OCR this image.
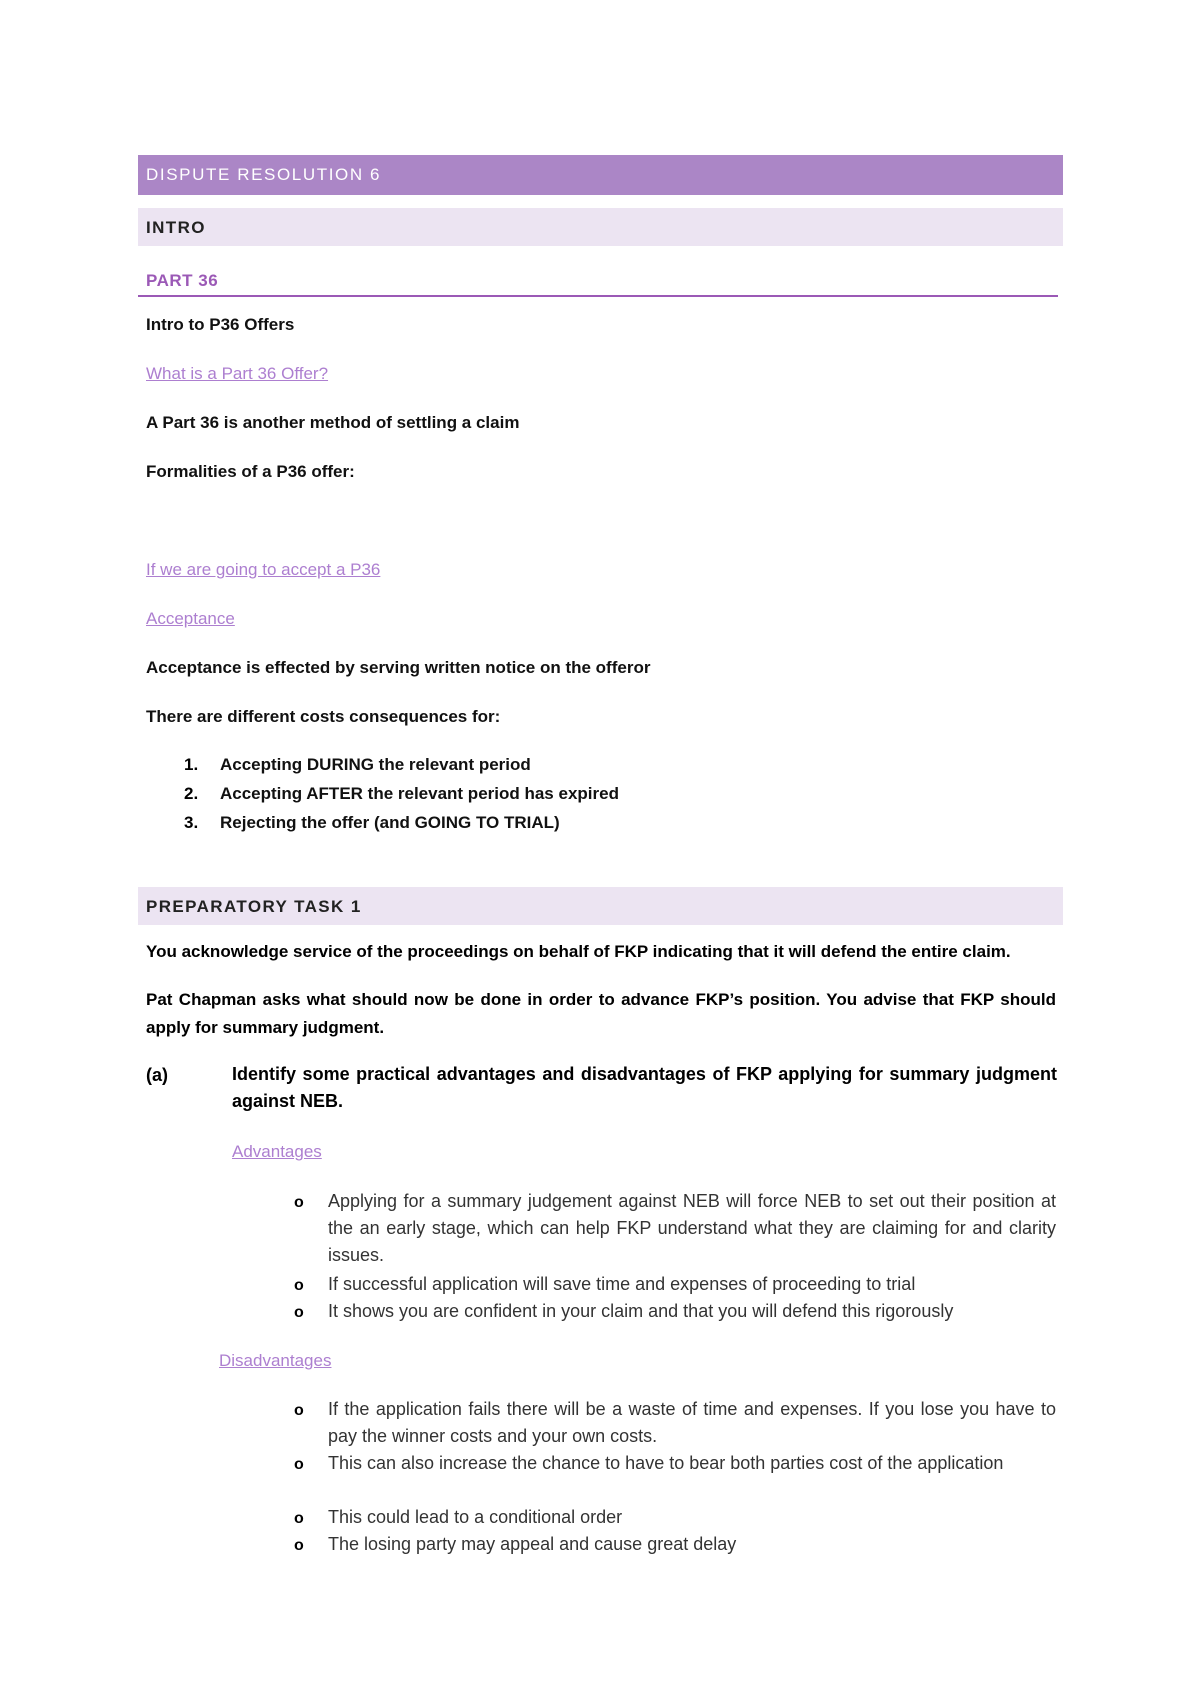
DISPUTE RESOLUTION 6
INTRO
PART 36
Intro to P36 Offers
What is a Part 36 Offer?
A Part 36 is another method of settling a claim
Formalities of a P36 offer:
If we are going to accept a P36
Acceptance
Acceptance is effected by serving written notice on the offeror
There are different costs consequences for:
1. Accepting DURING the relevant period
2. Accepting AFTER the relevant period has expired
3. Rejecting the offer (and GOING TO TRIAL)
PREPARATORY TASK 1
You acknowledge service of the proceedings on behalf of FKP indicating that it will defend the entire claim.
Pat Chapman asks what should now be done in order to advance FKP’s position. You advise that FKP should apply for summary judgment.
(a)	Identify some practical advantages and disadvantages of FKP applying for summary judgment against NEB.
Advantages
o Applying for a summary judgement against NEB will force NEB to set out their position at the an early stage, which can help FKP understand what they are claiming for and clarity issues.
o If successful application will save time and expenses of proceeding to trial
o It shows you are confident in your claim and that you will defend this rigorously
Disadvantages
o If the application fails there will be a waste of time and expenses. If you lose you have to pay the winner costs and your own costs.
o This can also increase the chance to have to bear both parties cost of the application
o This could lead to a conditional order
o The losing party may appeal and cause great delay
